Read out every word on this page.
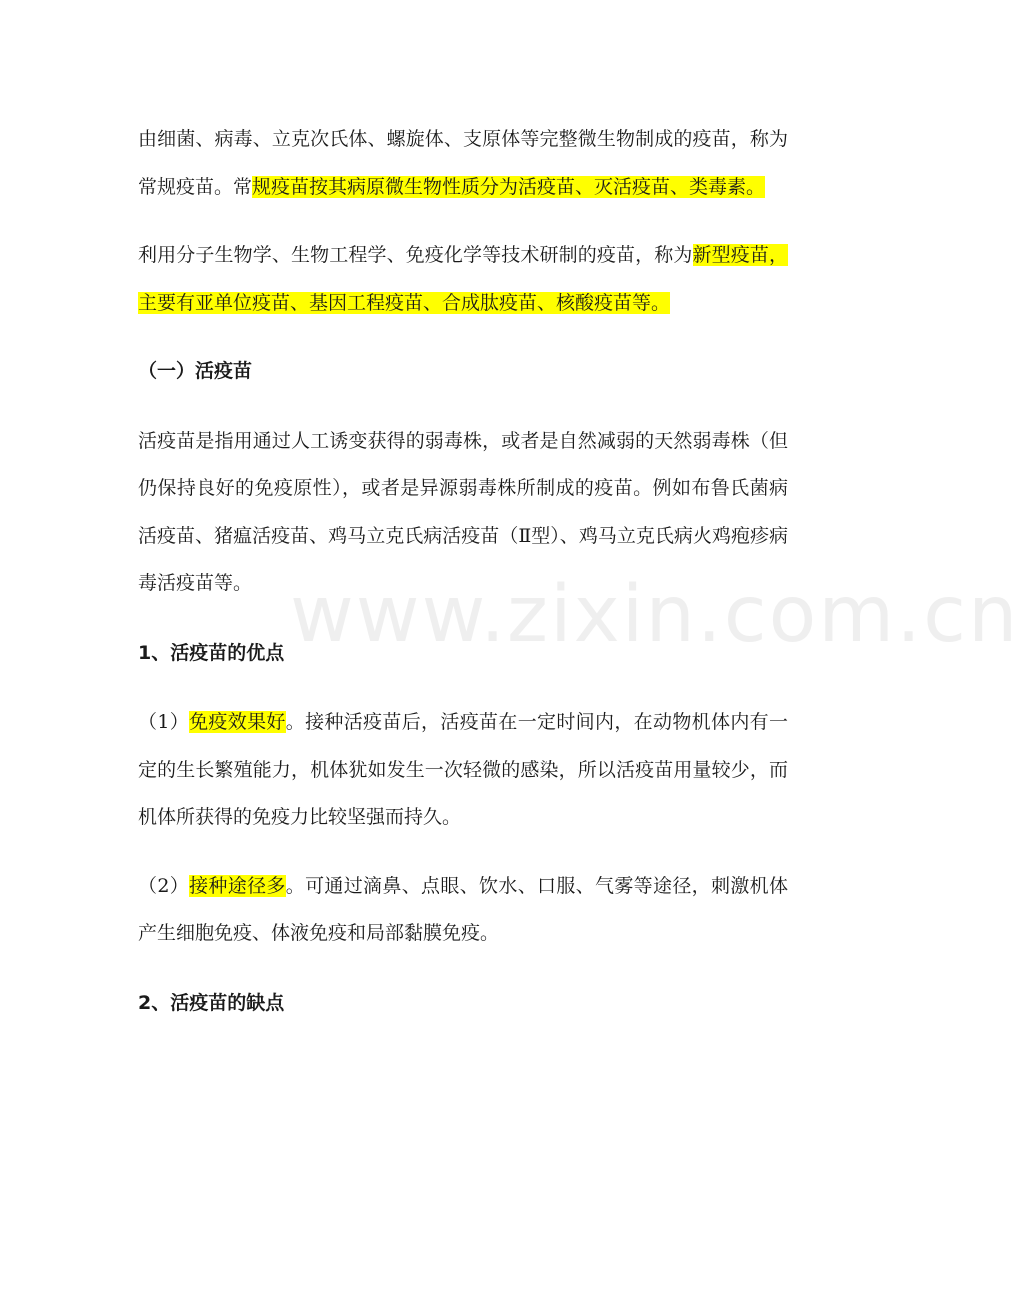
由细菌、病毒、立克次氏体、螺旋体、支原体等完整微生物制成的疫苗，称为常规疫苗。常规疫苗按其病原微生物性质分为活疫苗、灭活疫苗、类毒素。

利用分子生物学、生物工程学、免疫化学等技术研制的疫苗，称为新型疫苗，主要有亚单位疫苗、基因工程疫苗、合成肽疫苗、核酸疫苗等。

（一）活疫苗

活疫苗是指用通过人工诱变获得的弱毒株，或者是自然减弱的天然弱毒株（但仍保持良好的免疫原性），或者是异源弱毒株所制成的疫苗。例如布鲁氏菌病活疫苗、猪瘟活疫苗、鸡马立克氏病活疫苗（Ⅱ型）、鸡马立克氏病火鸡疱疹病毒活疫苗等。

1、活疫苗的优点

（1）免疫效果好。接种活疫苗后，活疫苗在一定时间内，在动物机体内有一定的生长繁殖能力，机体犹如发生一次轻微的感染，所以活疫苗用量较少，而机体所获得的免疫力比较坚强而持久。

（2）接种途径多。可通过滴鼻、点眼、饮水、口服、气雾等途径，刺激机体产生细胞免疫、体液免疫和局部黏膜免疫。

2、活疫苗的缺点

www.zixin.com.cn
